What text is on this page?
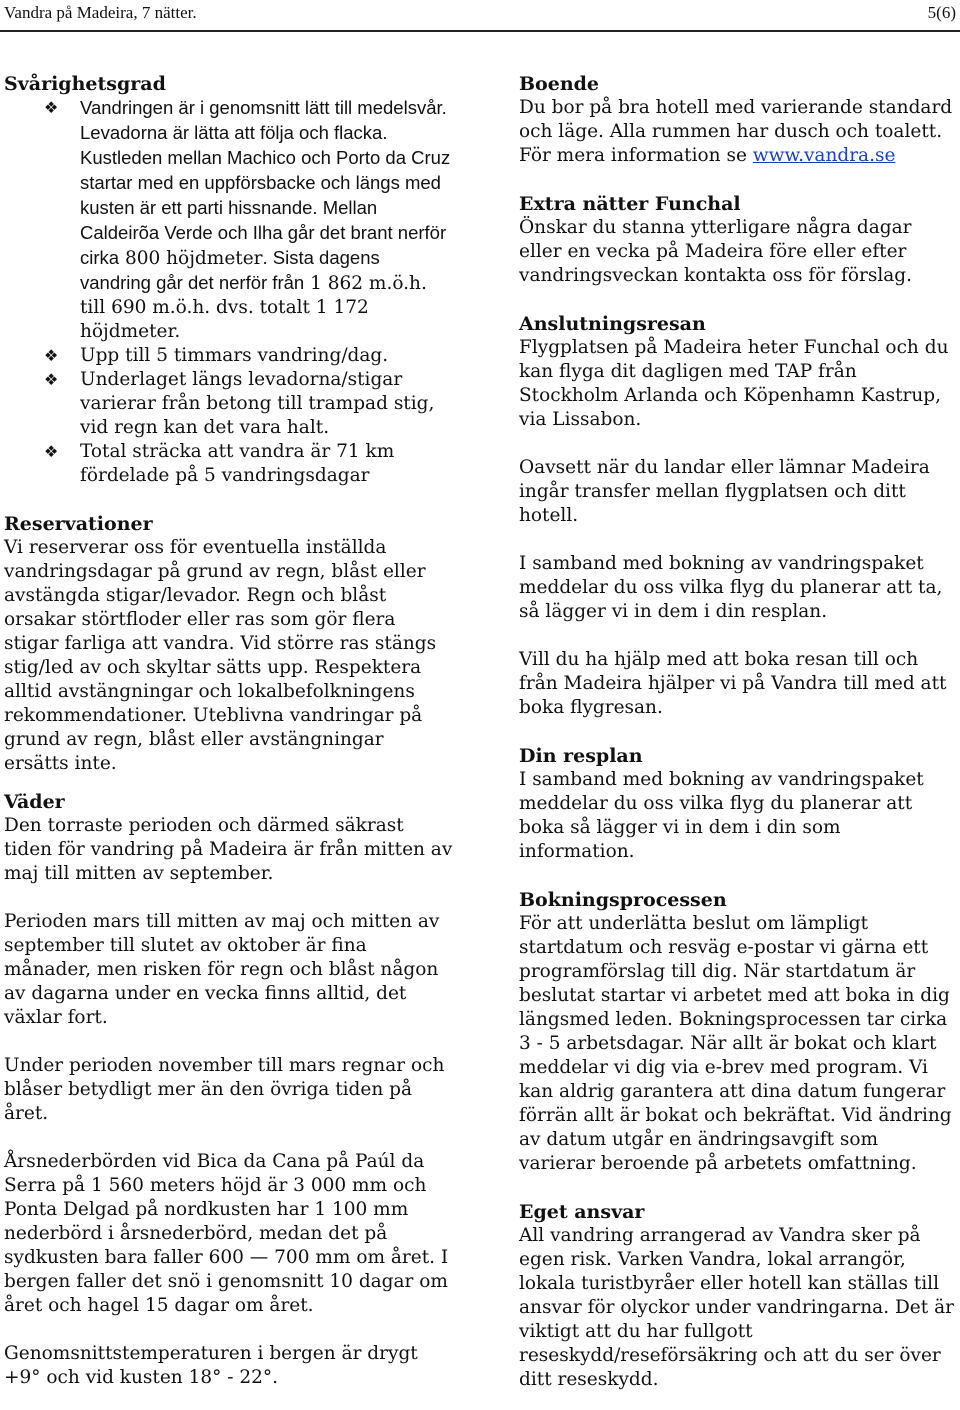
Vandra på Madeira, 7 nätter.	5(6)
Svårighetsgrad
❖ Vandringen är i genomsnitt lätt till medelsvår. Levadorna är lätta att följa och flacka. Kustleden mellan Machico och Porto da Cruz startar med en uppförsbacke och längs med kusten är ett parti hissnande. Mellan Caldeirõa Verde och Ilha går det brant nerför cirka 800 höjdmeter. Sista dagens vandring går det nerför från 1 862 m.ö.h. till 690 m.ö.h. dvs. totalt 1 172 höjdmeter.
❖ Upp till 5 timmars vandring/dag.
❖ Underlaget längs levadorna/stigar varierar från betong till trampad stig, vid regn kan det vara halt.
❖ Total sträcka att vandra är 71 km fördelade på 5 vandringsdagar
Reservationer

Vi reserverar oss för eventuella inställda vandringsdagar på grund av regn, blåst eller avstängda stigar/levador. Regn och blåst orsakar störtfloder eller ras som gör flera stigar farliga att vandra. Vid större ras stängs stig/led av och skyltar sätts upp. Respektera alltid avstängningar och lokalbefolkningens rekommendationer. Uteblivna vandringar på grund av regn, blåst eller avstängningar ersätts inte.

Väder

Den torraste perioden och därmed säkrast tiden för vandring på Madeira är från mitten av maj till mitten av september.

Perioden mars till mitten av maj och mitten av september till slutet av oktober är fina månader, men risken för regn och blåst någon av dagarna under en vecka finns alltid, det växlar fort.

Under perioden november till mars regnar och blåser betydligt mer än den övriga tiden på året.

Årsnederbörden vid Bica da Cana på Paúl da Serra på 1 560 meters höjd är 3 000 mm och Ponta Delgad på nordkusten har 1 100 mm nederbörd i årsnederbörd, medan det på sydkusten bara faller 600 — 700 mm om året. I bergen faller det snö i genomsnitt 10 dagar om året och hagel 15 dagar om året.

Genomsnittstemperaturen i bergen är drygt +9° och vid kusten 18° - 22°.

Boende

Du bor på bra hotell med varierande standard och läge. Alla rummen har dusch och toalett. För mera information se www.vandra.se

Extra nätter Funchal

Önskar du stanna ytterligare några dagar eller en vecka på Madeira före eller efter vandringsveckan kontakta oss för förslag.

Anslutningsresan

Flygplatsen på Madeira heter Funchal och du kan flyga dit dagligen med TAP från Stockholm Arlanda och Köpenhamn Kastrup, via Lissabon.

Oavsett när du landar eller lämnar Madeira ingår transfer mellan flygplatsen och ditt hotell.

I samband med bokning av vandringspaket meddelar du oss vilka flyg du planerar att ta, så lägger vi in dem i din resplan.

Vill du ha hjälp med att boka resan till och från Madeira hjälper vi på Vandra till med att boka flygresan.

Din resplan

I samband med bokning av vandringspaket meddelar du oss vilka flyg du planerar att boka så lägger vi in dem i din som information.

Bokningsprocessen

För att underlätta beslut om lämpligt startdatum och resväg e-postar vi gärna ett programförslag till dig. När startdatum är beslutat startar vi arbetet med att boka in dig längsmed leden. Bokningsprocessen tar cirka 3 - 5 arbetsdagar. När allt är bokat och klart meddelar vi dig via e-brev med program. Vi kan aldrig garantera att dina datum fungerar förrän allt är bokat och bekräftat. Vid ändring av datum utgår en ändringsavgift som varierar beroende på arbetets omfattning.

Eget ansvar

All vandring arrangerad av Vandra sker på egen risk. Varken Vandra, lokal arrangör, lokala turistbyråer eller hotell kan ställas till ansvar för olyckor under vandringarna. Det är viktigt att du har fullgott reseskydd/reseförsäkring och att du ser över ditt reseskydd.
